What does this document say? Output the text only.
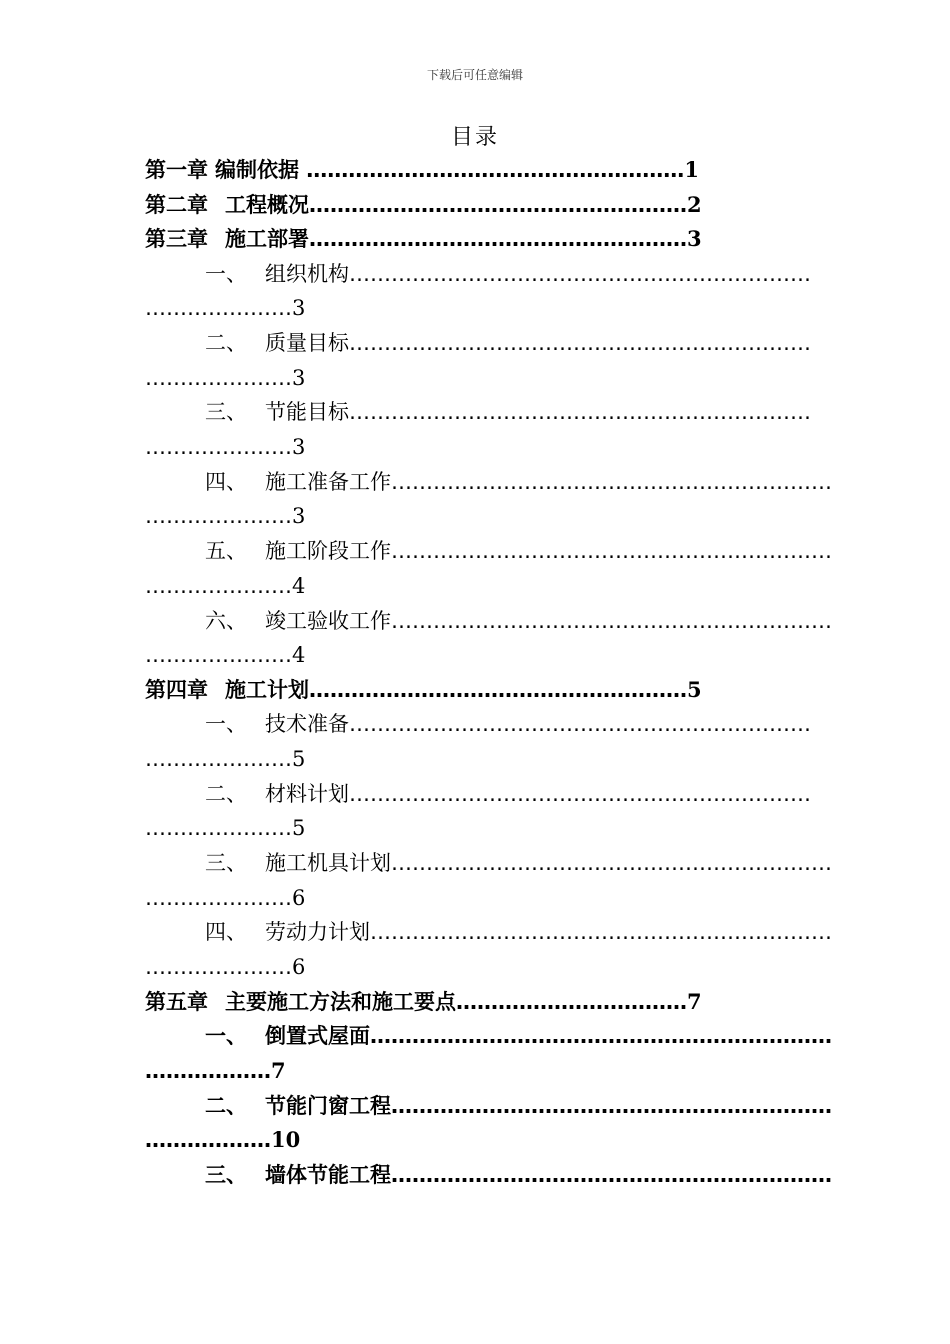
下载后可任意编辑
目录
第一章 编制依据 ………………………………………………1
第二章 工程概况………………………………………………2
第三章 施工部署………………………………………………3
一、 组织机构…………………………………………………………
…………………3
二、 质量目标…………………………………………………………
…………………3
三、 节能目标…………………………………………………………
…………………3
四、 施工准备工作………………………………………………………
…………………3
五、 施工阶段工作………………………………………………………
…………………4
六、 竣工验收工作………………………………………………………
…………………4
第四章 施工计划………………………………………………5
一、 技术准备…………………………………………………………
…………………5
二、 材料计划…………………………………………………………
…………………5
三、 施工机具计划………………………………………………………
…………………6
四、 劳动力计划…………………………………………………………
…………………6
第五章 主要施工方法和施工要点……………………………7
一、 倒置式屋面…………………………………………………………
………………7
二、 节能门窗工程………………………………………………………
………………10
三、 墙体节能工程………………………………………………………
